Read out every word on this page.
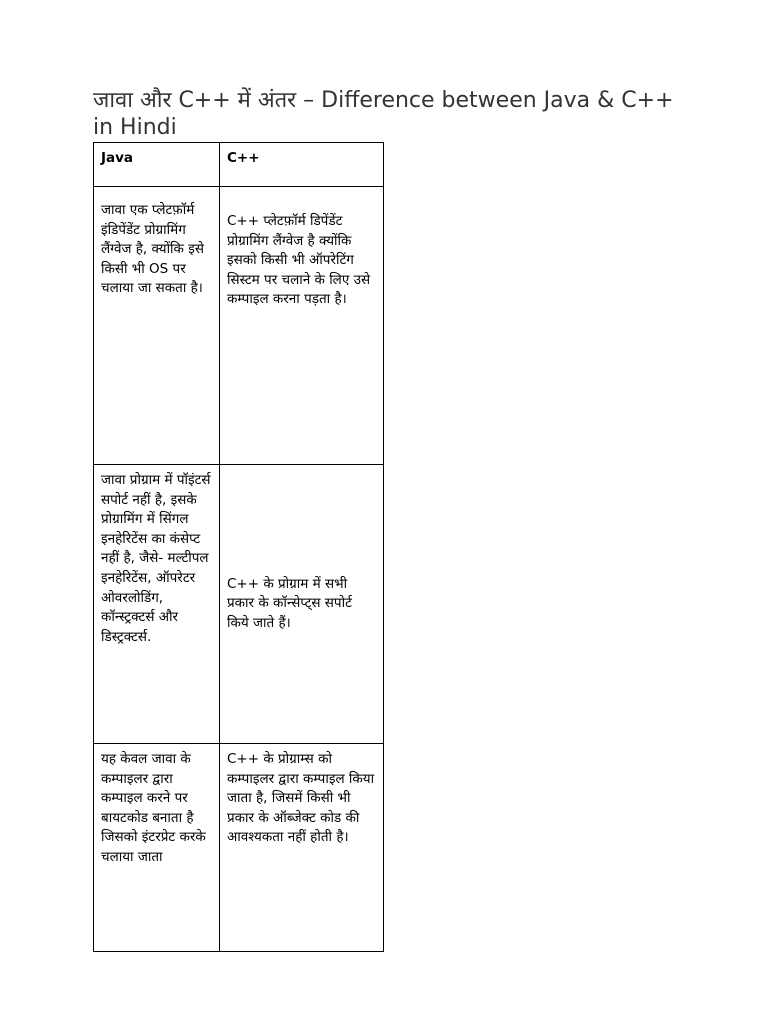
जावा और C++ में अंतर – Difference between Java & C++ in Hindi
Java	C++
जावा एक प्लेटफ़ॉर्म इंडिपेंडेंट प्रोग्रामिंग लैंग्वेज है, क्योंकि इसे किसी भी OS पर चलाया जा सकता है।	C++ प्लेटफ़ॉर्म डिपेंडेंट प्रोग्रामिंग लैंग्वेज है क्योंकि इसको किसी भी ऑपरेटिंग सिस्टम पर चलाने के लिए उसे कम्पाइल करना पड़ता है।
जावा प्रोग्राम में पॉइंटर्स सपोर्ट नहीं है, इसके प्रोग्रामिंग में सिंगल इनहेरिटेंस का कंसेप्ट नहीं है, जैसे- मल्टीपल इनहेरिटेंस, ऑपरेटर ओवरलोडिंग, कॉन्स्ट्रक्टर्स और डिस्ट्रक्टर्स.	C++ के प्रोग्राम में सभी प्रकार के कॉन्सेप्ट्स सपोर्ट किये जाते हैं।
यह केवल जावा के कम्पाइलर द्वारा कम्पाइल करने पर बायटकोड बनाता है जिसको इंटरप्रेट करके चलाया जाता	C++ के प्रोग्राम्स को कम्पाइलर द्वारा कम्पाइल किया जाता है, जिसमें किसी भी प्रकार के ऑब्जेक्ट कोड की आवश्यकता नहीं होती है।
